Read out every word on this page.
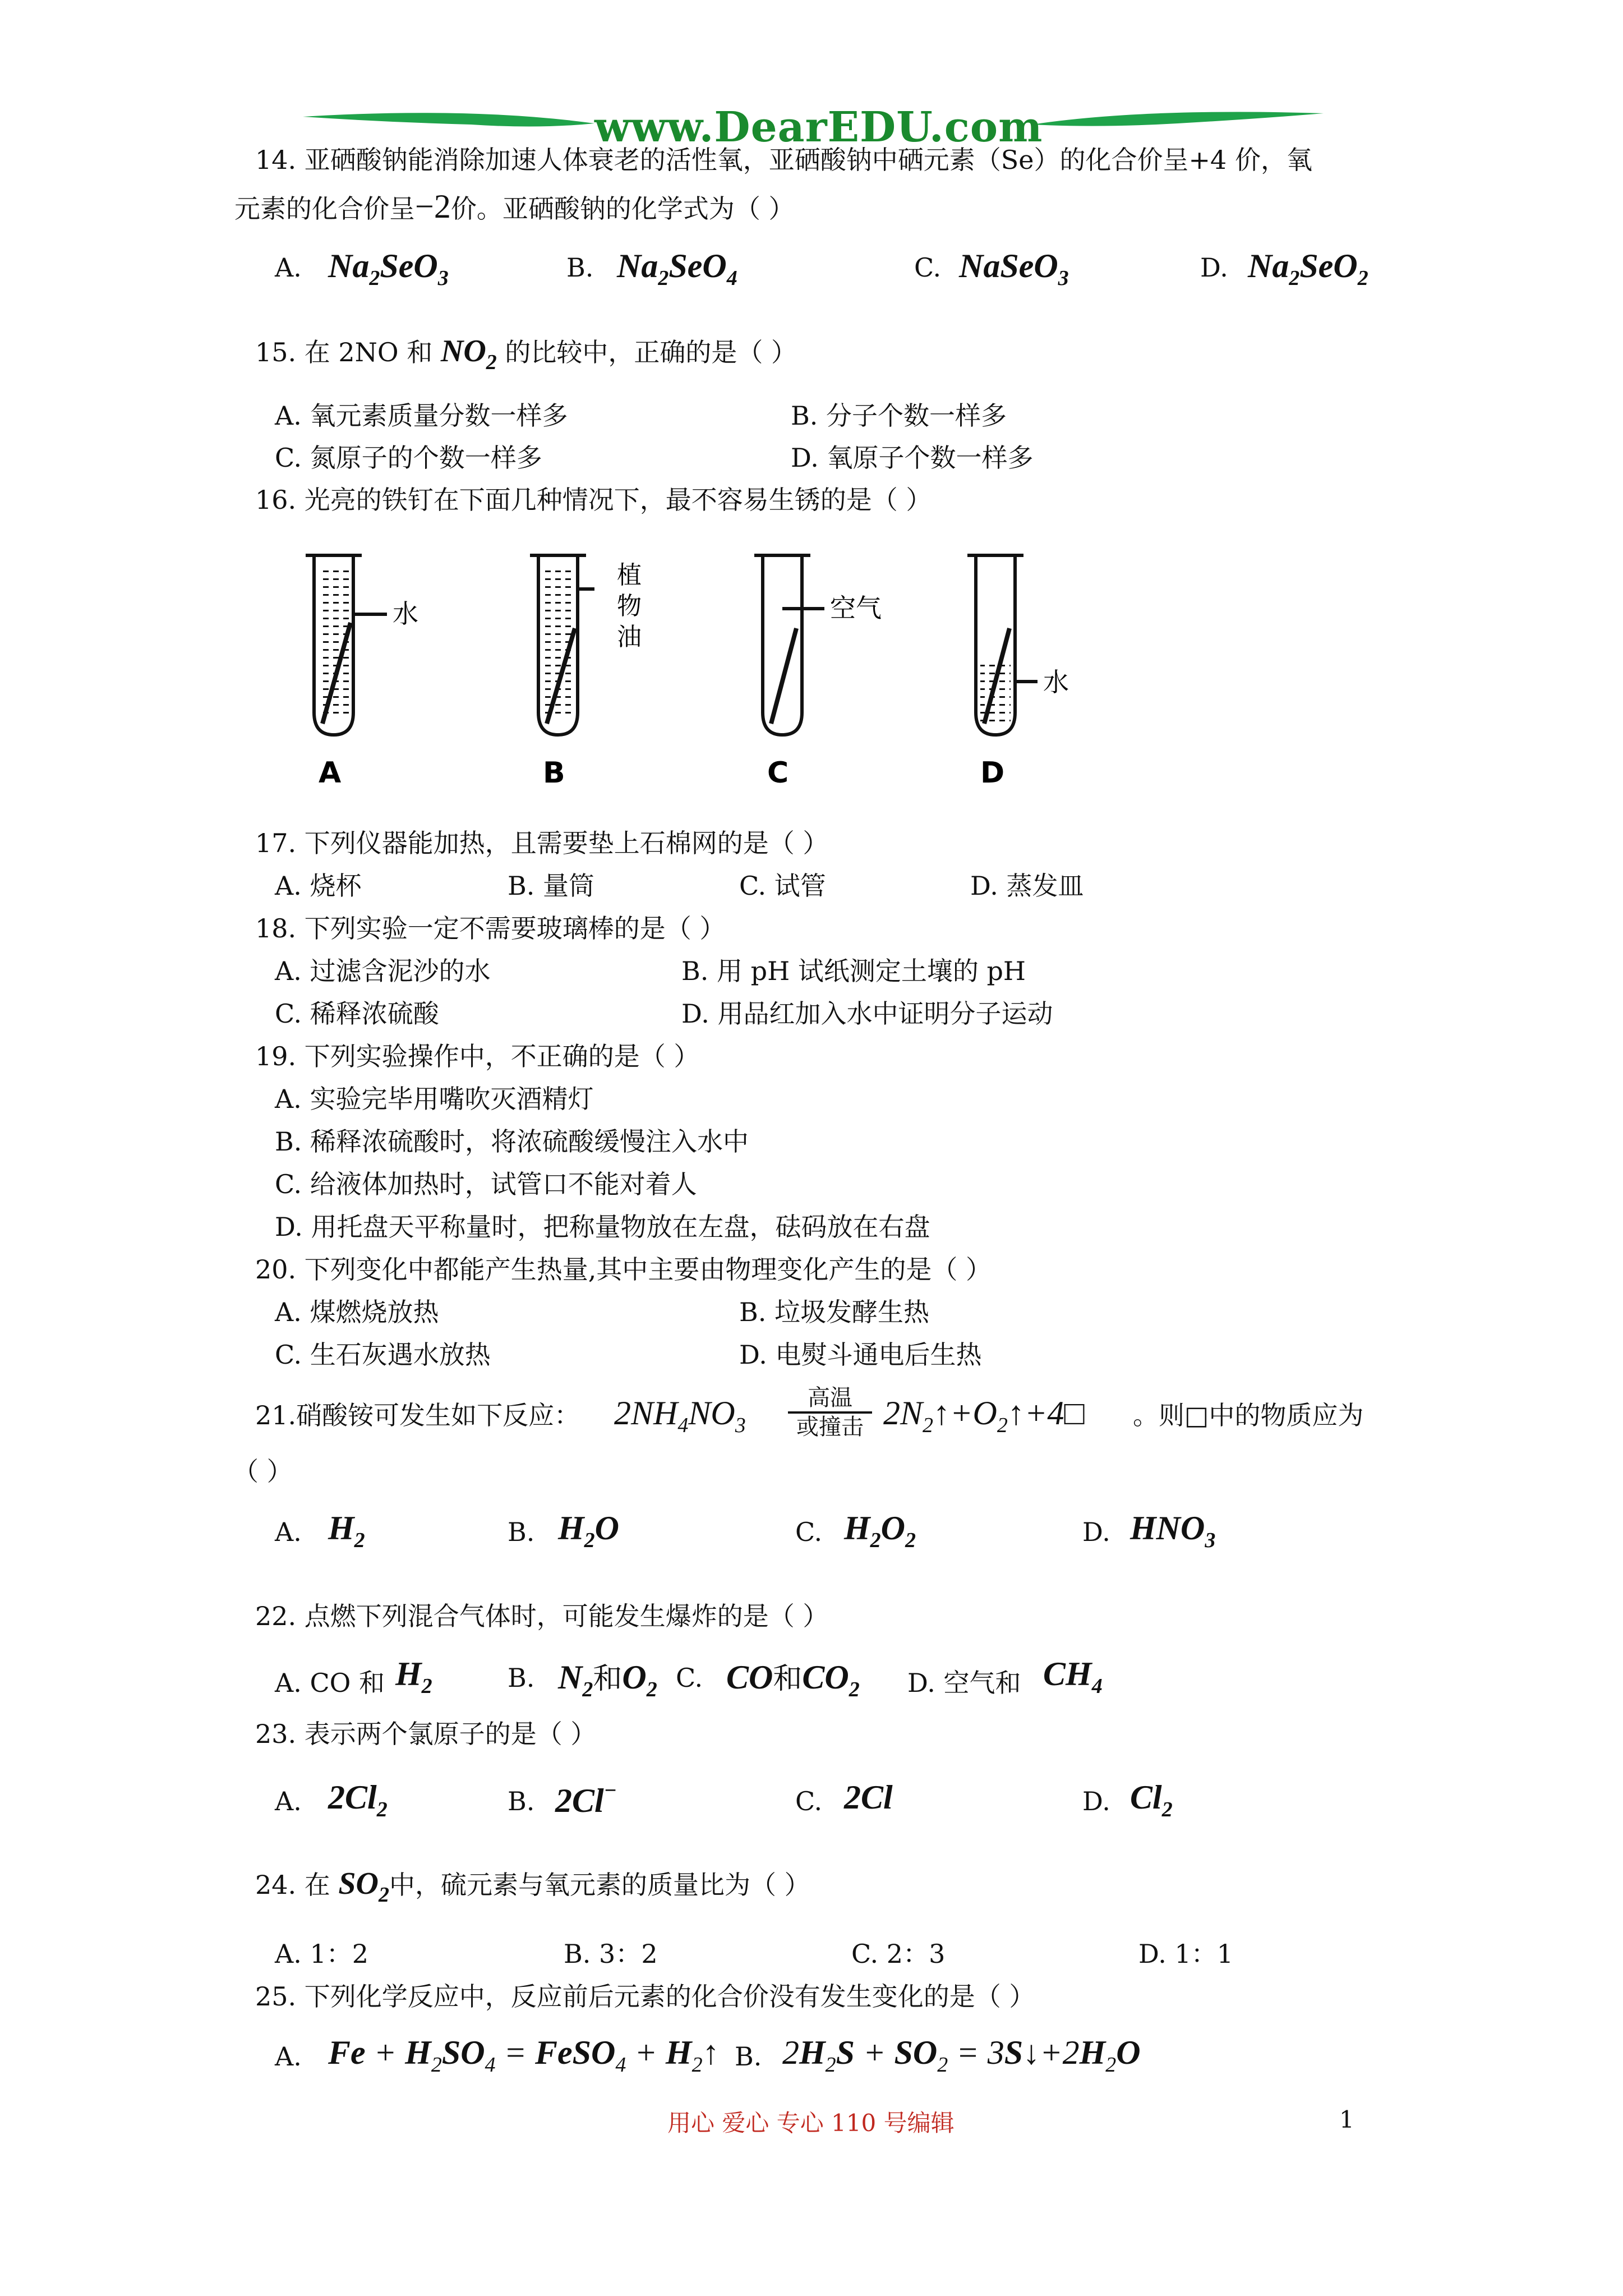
www.DearEDU.com
14. 亚硒酸钠能消除加速人体衰老的活性氧，亚硒酸钠中硒元素（Se）的化合价呈+4 价，氧
元素的化合价呈−2价。亚硒酸钠的化学式为（ ）
A. $Na_2SeO_3$	B. $Na_2SeO_4$	C. NaSeO$_3$	D. $Na_2SeO_2$
15. 在 2NO 和 $NO_2$ 的比较中，正确的是（ ）
A. 氧元素质量分数一样多	B. 分子个数一样多
C. 氮原子的个数一样多	D. 氧原子个数一样多
16. 光亮的铁钉在下面几种情况下，最不容易生锈的是（ ）
水
植
物
油
空气
水
A	B	C	D
17. 下列仪器能加热，且需要垫上石棉网的是（ ）
A. 烧杯	B. 量筒	C. 试管	D. 蒸发皿
18. 下列实验一定不需要玻璃棒的是（ ）
A. 过滤含泥沙的水	B. 用 pH 试纸测定土壤的 pH
C. 稀释浓硫酸	D. 用品红加入水中证明分子运动
19. 下列实验操作中，不正确的是（ ）
A. 实验完毕用嘴吹灭酒精灯
B. 稀释浓硫酸时，将浓硫酸缓慢注入水中
C. 给液体加热时，试管口不能对着人
D. 用托盘天平称量时，把称量物放在左盘，砝码放在右盘
20. 下列变化中都能产生热量,其中主要由物理变化产生的是（ ）
A. 煤燃烧放热	B. 垃圾发酵生热
C. 生石灰遇水放热	D. 电熨斗通电后生热
21.硝酸铵可发生如下反应： $2NH_4NO_3$
高温
或撞击 $2N_2↑+O_2↑+4□$ 。则□中的物质应为
（ ）
A. $H_2$	B. $H_2O$	C. $H_2O_2$	D. $HNO_3$
22. 点燃下列混合气体时，可能发生爆炸的是（ ）
A. CO 和 $H_2$	B. $N_2$和$O_2$ C. CO和$CO_2$ D. 空气和 $CH_4$
23. 表示两个氯原子的是（ ）
A. $2Cl_2$	B. 2Cl−	C. 2Cl	D. $Cl_2$
24. 在 $SO_2$中，硫元素与氧元素的质量比为（ ）
A. 1：2	B. 3：2	C. 2：3	D. 1：1
25. 下列化学反应中，反应前后元素的化合价没有发生变化的是（ ）
A. $Fe + H_2SO_4$ = FeSO$_4$ + $H_2↑$ B. $2H_2S + SO_2$ = $3S↓+2H_2O$
用心 爱心 专心 110 号编辑	1
